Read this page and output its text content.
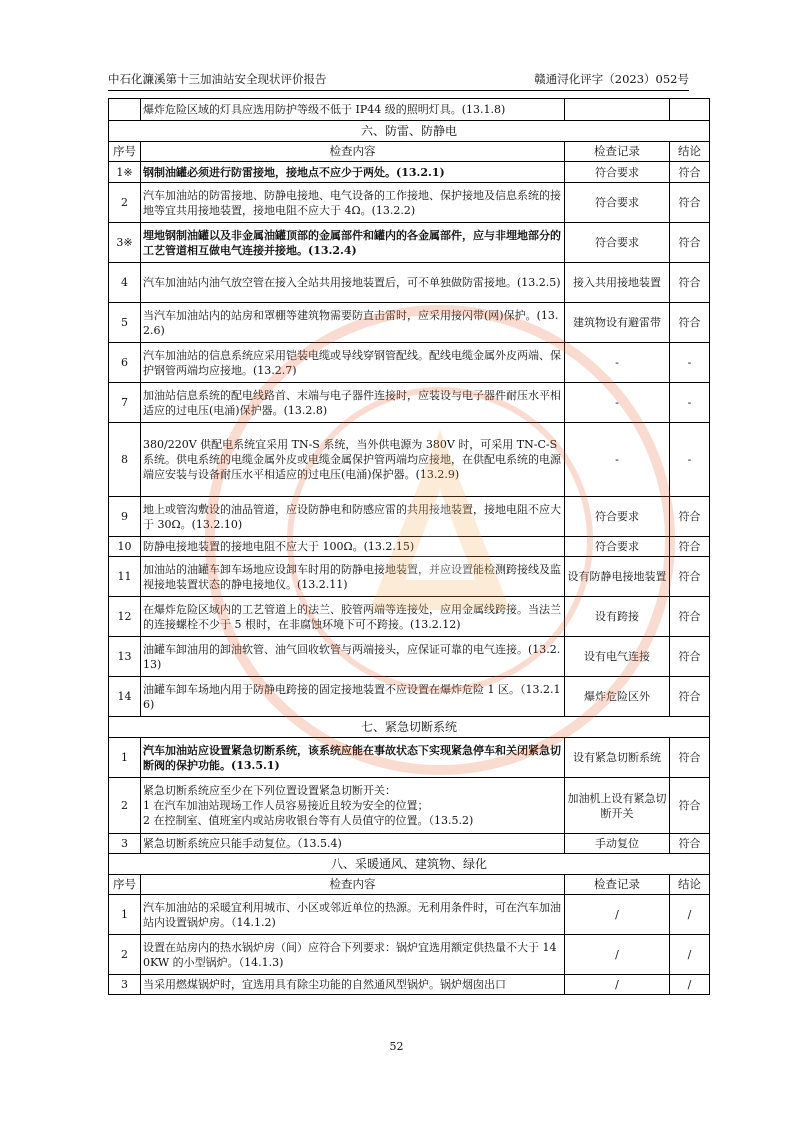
中石化濂溪第十三加油站安全现状评价报告	赣通浔化评字（2023）052号
	爆炸危险区域的灯具应选用防护等级不低于 IP44 级的照明灯具。(13.1.8)		
六、防雷、防静电			
序号	检查内容	检查记录	结论
1※	钢制油罐必须进行防雷接地，接地点不应少于两处。(13.2.1)	符合要求	符合
2	汽车加油站的防雷接地、防静电接地、电气设备的工作接地、保护接地及信息系统的接地等宜共用接地装置，接地电阻不应大于 4Ω。(13.2.2)	符合要求	符合
3※	埋地钢制油罐以及非金属油罐顶部的金属部件和罐内的各金属部件，应与非埋地部分的工艺管道相互做电气连接并接地。(13.2.4)	符合要求	符合
4	汽车加油站内油气放空管在接入全站共用接地装置后，可不单独做防雷接地。(13.2.5)	接入共用接地装置	符合
5	当汽车加油站内的站房和罩棚等建筑物需要防直击雷时，应采用接闪带(网)保护。(13.2.6)	建筑物设有避雷带	符合
6	汽车加油站的信息系统应采用铠装电缆或导线穿钢管配线。配线电缆金属外皮两端、保护钢管两端均应接地。(13.2.7)	-	-
7	加油站信息系统的配电线路首、末端与电子器件连接时，应装设与电子器件耐压水平相适应的过电压(电涌)保护器。(13.2.8)	-	-
8	380/220V 供配电系统宜采用 TN-S 系统，当外供电源为 380V 时，可采用 TN-C-S 系统。供电系统的电缆金属外皮或电缆金属保护管两端均应接地，在供配电系统的电源端应安装与设备耐压水平相适应的过电压(电涌)保护器。(13.2.9)	-	-
9	地上或管沟敷设的油品管道，应设防静电和防感应雷的共用接地装置，接地电阻不应大于 30Ω。(13.2.10)	符合要求	符合
10	防静电接地装置的接地电阻不应大于 100Ω。(13.2.15)	符合要求	符合
11	加油站的油罐车卸车场地应设卸车时用的防静电接地装置，并应设置能检测跨接线及监视接地装置状态的静电接地仪。(13.2.11)	设有防静电接地装置	符合
12	在爆炸危险区域内的工艺管道上的法兰、胶管两端等连接处，应用金属线跨接。当法兰的连接螺栓不少于 5 根时，在非腐蚀环境下可不跨接。(13.2.12)	设有跨接	符合
13	油罐车卸油用的卸油软管、油气回收软管与两端接头，应保证可靠的电气连接。(13.2.13)	设有电气连接	符合
14	油罐车卸车场地内用于防静电跨接的固定接地装置不应设置在爆炸危险 1 区。（13.2.16)	爆炸危险区外	符合
七、紧急切断系统			
1	汽车加油站应设置紧急切断系统，该系统应能在事故状态下实现紧急停车和关闭紧急切断阀的保护功能。(13.5.1)	设有紧急切断系统	符合
2	紧急切断系统应至少在下列位置设置紧急切断开关：
1 在汽车加油站现场工作人员容易接近且较为安全的位置；
2 在控制室、值班室内或站房收银台等有人员值守的位置。（13.5.2)	加油机上设有紧急切断开关	符合
3	紧急切断系统应只能手动复位。（13.5.4)	手动复位	符合
八、采暖通风、建筑物、绿化			
序号	检查内容	检查记录	结论
1	汽车加油站的采暖宜利用城市、小区或邻近单位的热源。无利用条件时，可在汽车加油站内设置锅炉房。（14.1.2)	/	/
2	设置在站房内的热水锅炉房（间）应符合下列要求：锅炉宜选用额定供热量不大于 140KW 的小型锅炉。（14.1.3)	/	/
3	当采用燃煤锅炉时，宜选用具有除尘功能的自然通风型锅炉。锅炉烟囱出口	/	/
52
